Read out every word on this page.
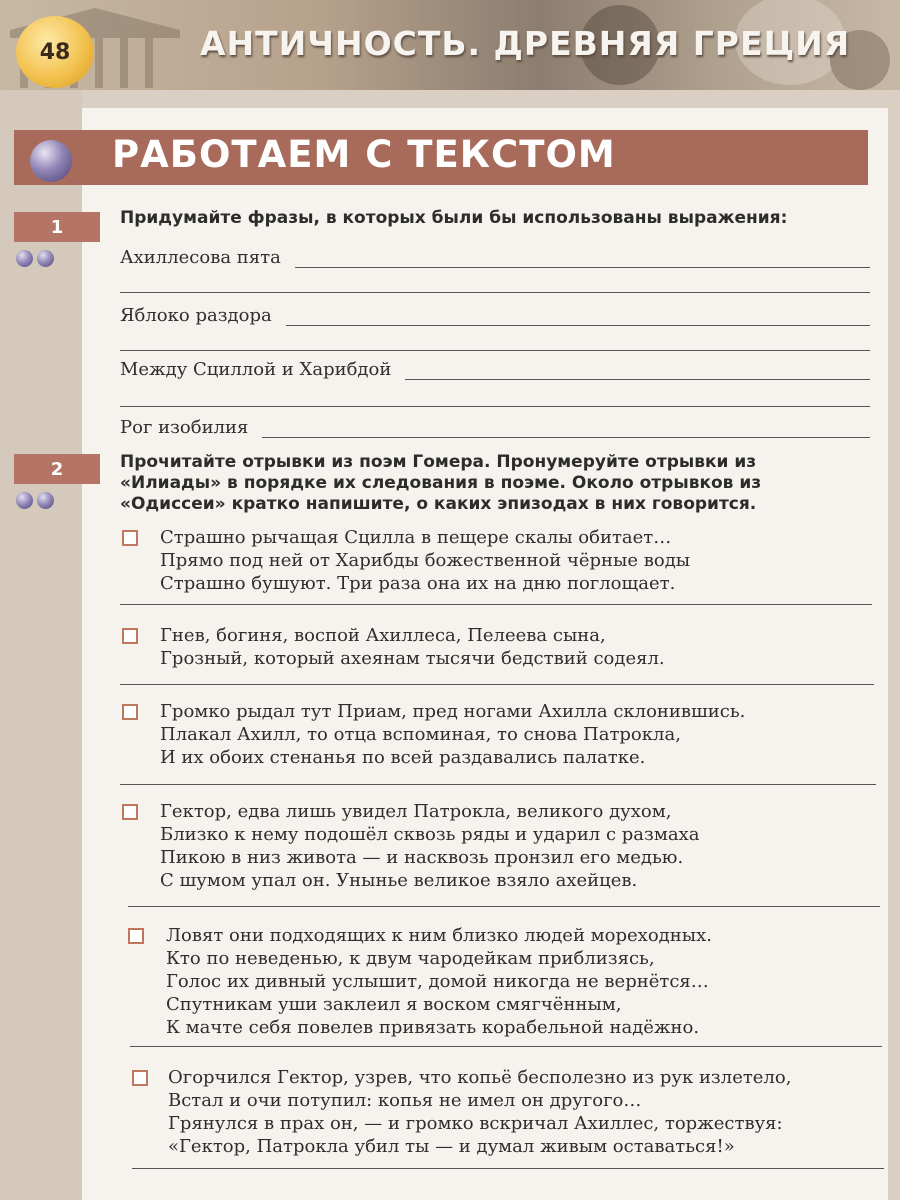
48	АНТИЧНОСТЬ. ДРЕВНЯЯ ГРЕЦИЯ
РАБОТАЕМ С ТЕКСТОМ
1	Придумайте фразы, в которых были бы использованы выражения:
Ахиллесова пята
Яблоко раздора
Между Сциллой и Харибдой
Рог изобилия
2	Прочитайте отрывки из поэм Гомера. Пронумеруйте отрывки из
«Илиады» в порядке их следования в поэме. Около отрывков из
«Одиссеи» кратко напишите, о каких эпизодах в них говорится.
Страшно рычащая Сцилла в пещере скалы обитает…
Прямо под ней от Харибды божественной чёрные воды
Страшно бушуют. Три раза она их на дню поглощает.
Гнев, богиня, воспой Ахиллеса, Пелеева сына,
Грозный, который ахеянам тысячи бедствий содеял.
Громко рыдал тут Приам, пред ногами Ахилла склонившись.
Плакал Ахилл, то отца вспоминая, то снова Патрокла,
И их обоих стенанья по всей раздавались палатке.
Гектор, едва лишь увидел Патрокла, великого духом,
Близко к нему подошёл сквозь ряды и ударил с размаха
Пикою в низ живота — и насквозь пронзил его медью.
С шумом упал он. Унынье великое взяло ахейцев.
Ловят они подходящих к ним близко людей мореходных.
Кто по неведенью, к двум чародейкам приблизясь,
Голос их дивный услышит, домой никогда не вернётся…
Спутникам уши заклеил я воском смягчённым,
К мачте себя повелев привязать корабельной надёжно.
Огорчился Гектор, узрев, что копьё бесполезно из рук излетело,
Встал и очи потупил: копья не имел он другого…
Грянулся в прах он, — и громко вскричал Ахиллес, торжествуя:
«Гектор, Патрокла убил ты — и думал живым оставаться!»
